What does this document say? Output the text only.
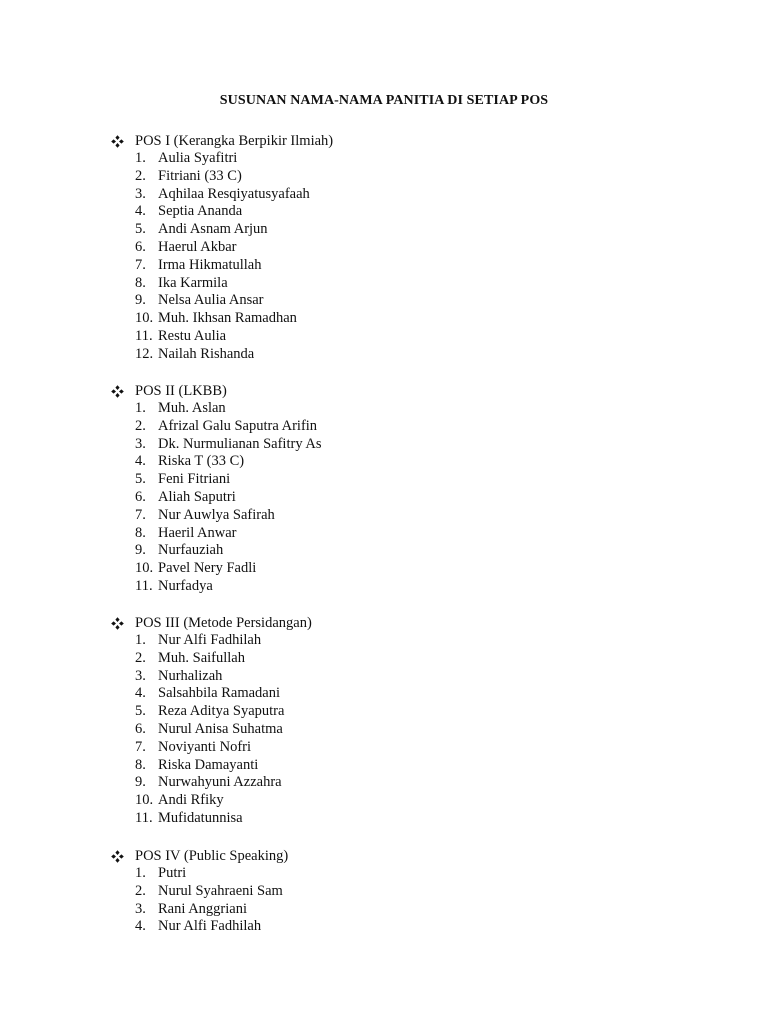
SUSUNAN NAMA-NAMA PANITIA DI SETIAP POS
POS I (Kerangka Berpikir Ilmiah)
1. Aulia Syafitri
2. Fitriani (33 C)
3. Aqhilaa Resqiyatusyafaah
4. Septia Ananda
5. Andi Asnam Arjun
6. Haerul Akbar
7. Irma Hikmatullah
8. Ika Karmila
9. Nelsa Aulia Ansar
10. Muh. Ikhsan Ramadhan
11. Restu Aulia
12. Nailah Rishanda
POS II (LKBB)
1. Muh. Aslan
2. Afrizal Galu Saputra Arifin
3. Dk. Nurmulianan Safitry As
4. Riska T (33 C)
5. Feni Fitriani
6. Aliah Saputri
7. Nur Auwlya Safirah
8. Haeril Anwar
9. Nurfauziah
10. Pavel Nery Fadli
11. Nurfadya
POS III (Metode Persidangan)
1. Nur Alfi Fadhilah
2. Muh. Saifullah
3. Nurhalizah
4. Salsahbila Ramadani
5. Reza Aditya Syaputra
6. Nurul Anisa Suhatma
7. Noviyanti Nofri
8. Riska Damayanti
9. Nurwahyuni Azzahra
10. Andi Rfiky
11. Mufidatunnisa
POS IV (Public Speaking)
1. Putri
2. Nurul Syahraeni Sam
3. Rani Anggriani
4. Nur Alfi Fadhilah
